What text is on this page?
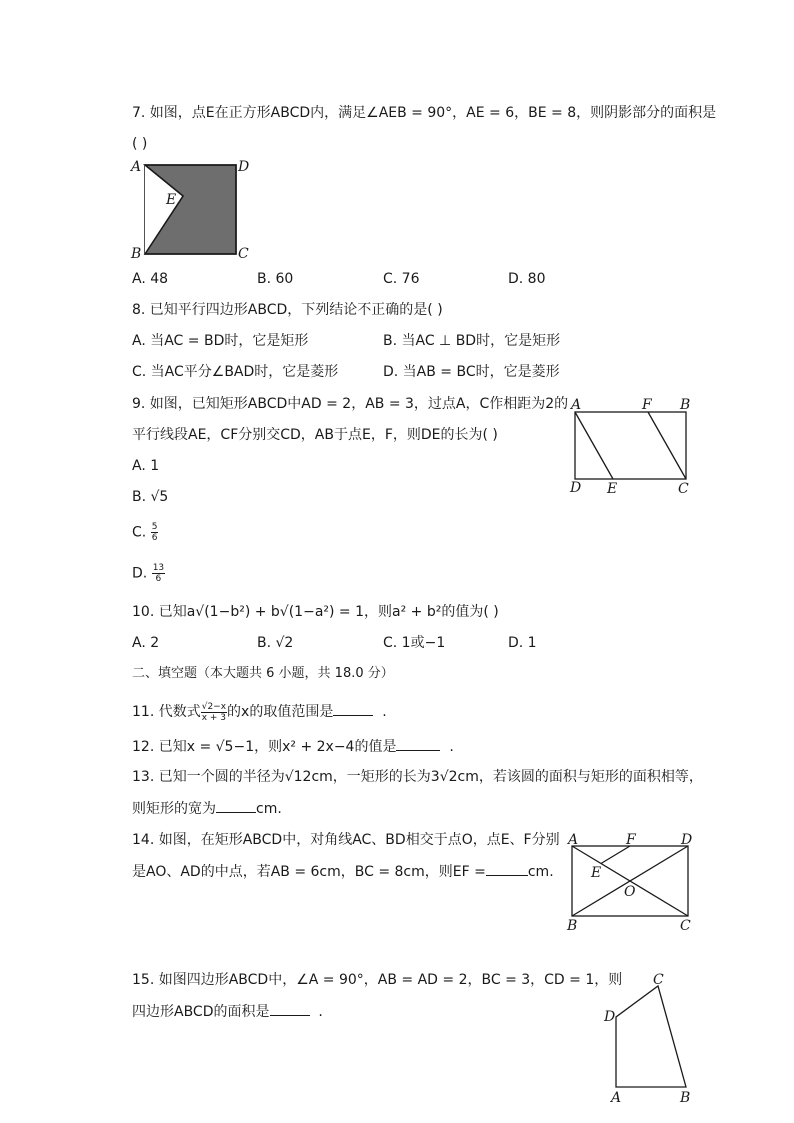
7. 如图，点E在正方形ABCD内，满足∠AEB = 90°，AE = 6，BE = 8，则阴影部分的面积是
( )
A	D
E
B	C
A. 48	B. 60	C. 76	D. 80
8. 已知平行四边形ABCD，下列结论不正确的是( )
A. 当AC = BD时，它是矩形	B. 当AC ⊥ BD时，它是矩形
C. 当AC平分∠BAD时，它是菱形	D. 当AB = BC时，它是菱形
9. 如图，已知矩形ABCD中AD = 2，AB = 3，过点A，C作相距为2的
平行线段AE，CF分别交CD，AB于点E，F，则DE的长为( )
A	F B
D E	C
A. 1
B. √5
C. $\frac{5}{6}$
D. $\frac{13}{6}$
10. 已知a√(1−b²) + b√(1−a²) = 1，则a² + b²的值为( )
A. 2	B. √2	C. 1或−1	D. 1
二、填空题（本大题共 6 小题，共 18.0 分）
11. 代数式 $\frac{√2-x}{x + 3}$ 的x的取值范围是	.
12. 已知x = √5−1，则x² + 2x−4的值是	.
13. 已知一个圆的半径为√12cm，一矩形的长为3√2cm，若该圆的面积与矩形的面积相等，
则矩形的宽为	cm.
14. 如图，在矩形ABCD中，对角线AC、BD相交于点O，点E、F分别
是AO、AD的中点，若AB = 6cm，BC = 8cm，则EF =	cm.
A	F	D
E
O
B	C
15. 如图四边形ABCD中，∠A = 90°，AB = AD = 2，BC = 3，CD = 1，则
四边形ABCD的面积是	.
C
D
A	B
